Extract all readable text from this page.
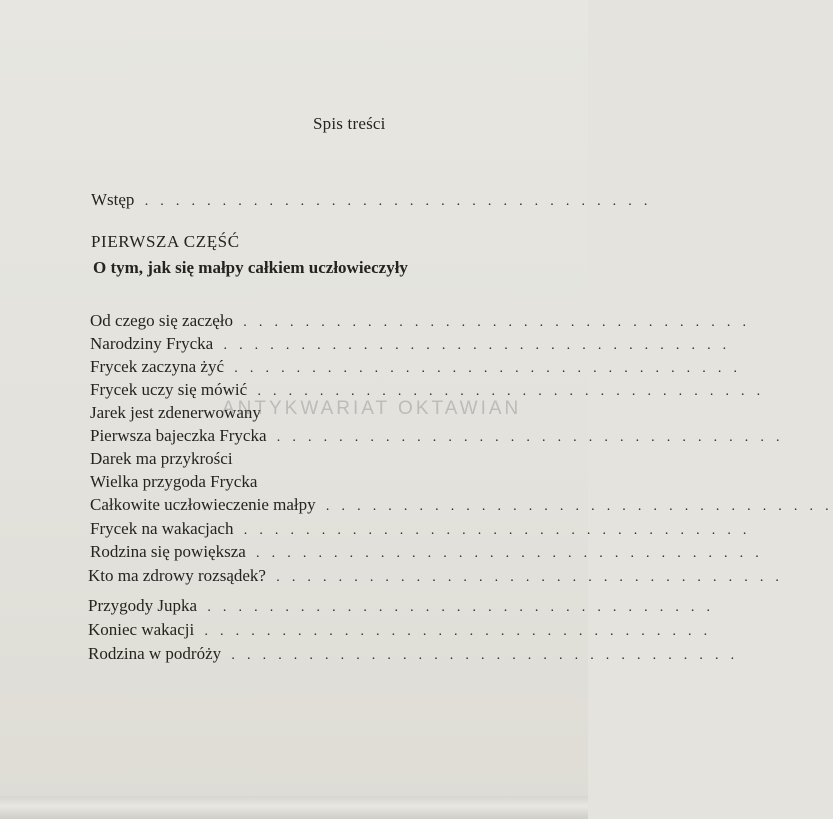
Spis treści
Wstęp . . . . . . . . . . . . . . . . . . . . . . . . . . . . . . . . .
PIERWSZA CZĘŚĆ
O tym, jak się małpy całkiem uczłowieczyły
Od czego się zaczęło . . . . . . . . . . . . . . . . . . . . . . . . . . . . . . . . .
Narodziny Frycka . . . . . . . . . . . . . . . . . . . . . . . . . . . . . . . . .
Frycek zaczyna żyć . . . . . . . . . . . . . . . . . . . . . . . . . . . . . . . . .
Frycek uczy się mówić . . . . . . . . . . . . . . . . . . . . . . . . . . . . . . . . .
Jarek jest zdenerwowany
Pierwsza bajeczka Frycka . . . . . . . . . . . . . . . . . . . . . . . . . . . . . . . . .
Darek ma przykrości
Wielka przygoda Frycka
Całkowite uczłowieczenie małpy . . . . . . . . . . . . . . . . . . . . . . . . . . . . . . . . .
Frycek na wakacjach . . . . . . . . . . . . . . . . . . . . . . . . . . . . . . . . .
Rodzina się powiększa . . . . . . . . . . . . . . . . . . . . . . . . . . . . . . . . .
Kto ma zdrowy rozsądek? . . . . . . . . . . . . . . . . . . . . . . . . . . . . . . . . .
Przygody Jupka . . . . . . . . . . . . . . . . . . . . . . . . . . . . . . . . .
Koniec wakacji . . . . . . . . . . . . . . . . . . . . . . . . . . . . . . . . .
Rodzina w podróży . . . . . . . . . . . . . . . . . . . . . . . . . . . . . . . . .
ANTYKWARIAT OKTAWIAN
